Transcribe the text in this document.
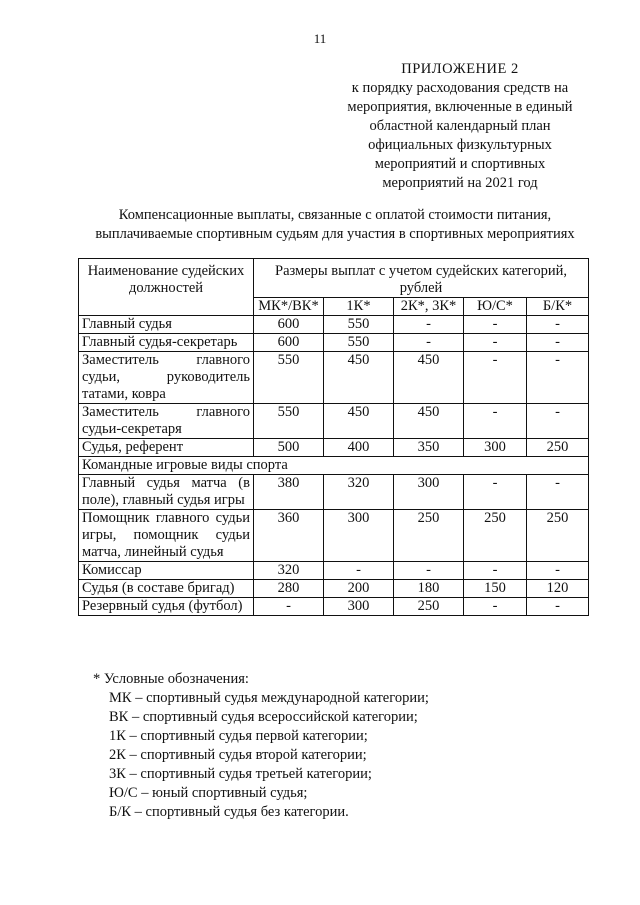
11
ПРИЛОЖЕНИЕ 2
к порядку расходования средств на
мероприятия, включенные в единый
областной календарный план
официальных физкультурных
мероприятий и спортивных
мероприятий на 2021 год
Компенсационные выплаты, связанные с оплатой стоимости питания,
выплачиваемые спортивным судьям для участия в спортивных мероприятиях
Наименование судейских должностей	Размеры выплат с учетом судейских категорий, рублей				
	МК*/ВК*	1К*	2К*, 3К*	Ю/С*	Б/К*
Главный судья	600	550	-	-	-
Главный судья-секретарь	600	550	-	-	-
Заместитель главного судьи, руководитель татами, ковра	550	450	450	-	-
Заместитель главного судьи-секретаря	550	450	450	-	-
Судья, референт	500	400	350	300	250
Командные игровые виды спорта					
Главный судья матча (в поле), главный судья игры	380	320	300	-	-
Помощник главного судьи игры, помощник судьи матча, линейный судья	360	300	250	250	250
Комиссар	320	-	-	-	-
Судья (в составе бригад)	280	200	180	150	120
Резервный судья (футбол)	-	300	250	-	-
* Условные обозначения:
МК – спортивный судья международной категории;
ВК – спортивный судья всероссийской категории;
1К – спортивный судья первой категории;
2К – спортивный судья второй категории;
3К – спортивный судья третьей категории;
Ю/С – юный спортивный судья;
Б/К – спортивный судья без категории.
